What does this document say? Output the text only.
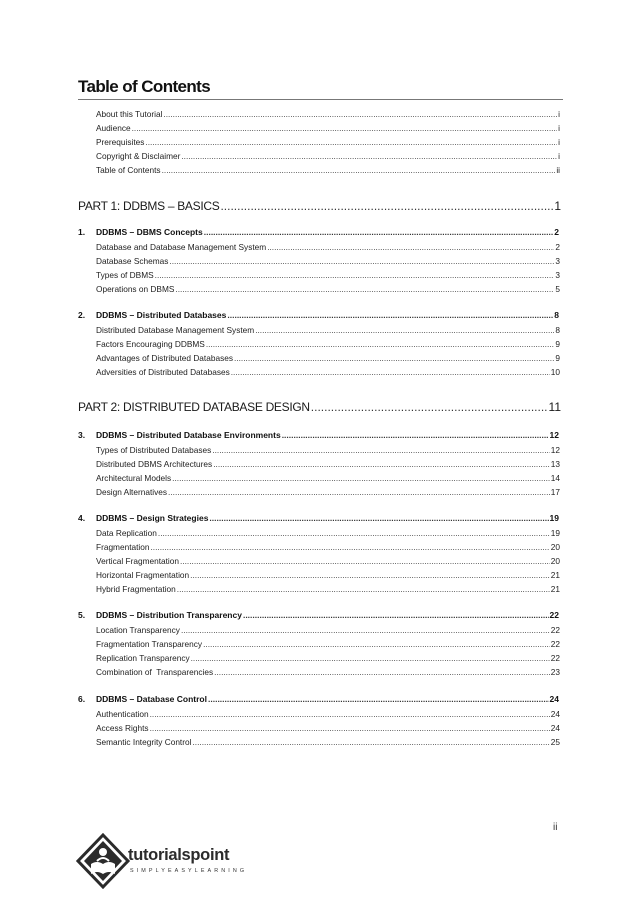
Table of Contents
About this Tutorial .....	i
Audience .....	i
Prerequisites .....	i
Copyright & Disclaimer .....	i
Table of Contents .....	ii
PART 1: DDBMS – BASICS .....	1
1.	DDBMS – DBMS Concepts .....	2
Database and Database Management System .....	2
Database Schemas .....	3
Types of DBMS .....	3
Operations on DBMS .....	5
2.	DDBMS – Distributed Databases .....	8
Distributed Database Management System .....	8
Factors Encouraging DDBMS .....	9
Advantages of Distributed Databases .....	9
Adversities of Distributed Databases .....	10
PART 2: DISTRIBUTED DATABASE DESIGN .....	11
3.	DDBMS – Distributed Database Environments .....	12
Types of Distributed Databases .....	12
Distributed DBMS Architectures .....	13
Architectural Models .....	14
Design Alternatives .....	17
4.	DDBMS – Design Strategies .....	19
Data Replication .....	19
Fragmentation .....	20
Vertical Fragmentation .....	20
Horizontal Fragmentation .....	21
Hybrid Fragmentation .....	21
5.	DDBMS – Distribution Transparency .....	22
Location Transparency .....	22
Fragmentation Transparency .....	22
Replication Transparency .....	22
Combination of  Transparencies .....	23
6.	DDBMS – Database Control .....	24
Authentication .....	24
Access Rights .....	24
Semantic Integrity Control .....	25
ii
tutorialspoint
SIMPLYEASYLEARNING
